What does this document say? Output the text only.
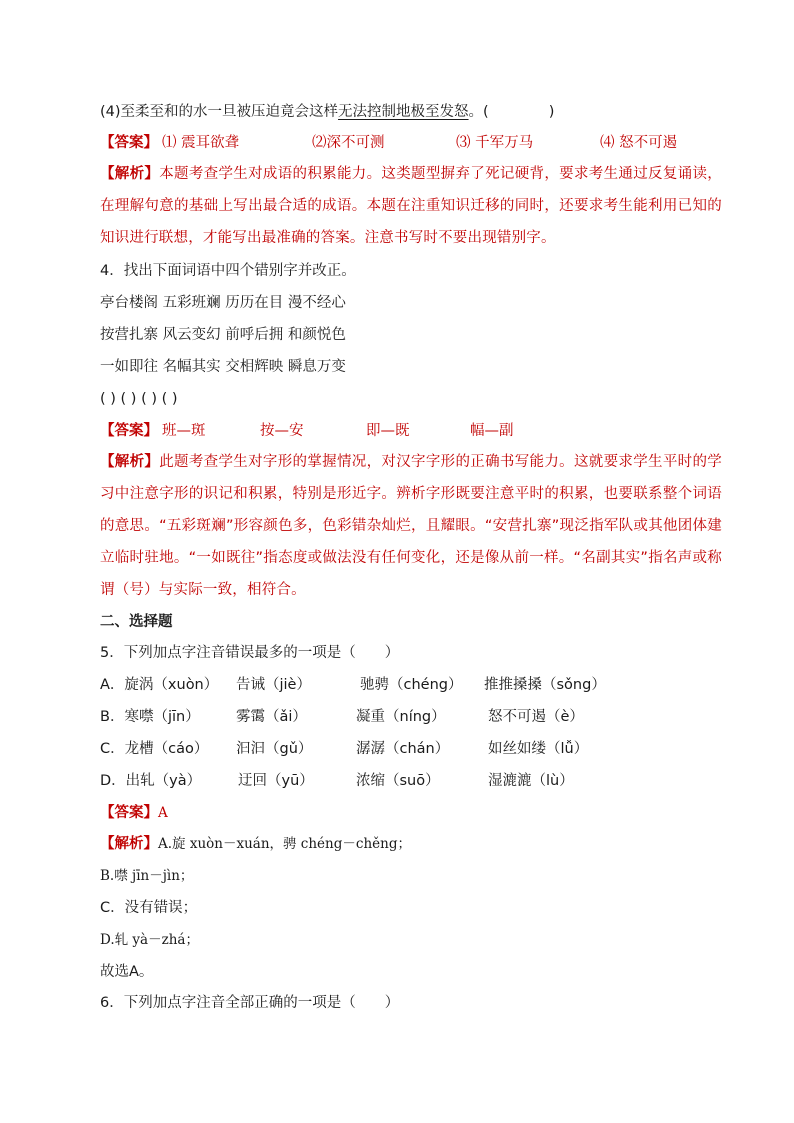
(4)至柔至和的水一旦被压迫竟会这样无法控制地极至发怒。(	)
【答案】 ⑴ 震耳欲聋	⑵深不可测	⑶ 千军万马	⑷ 怒不可遏
【解析】本题考查学生对成语的积累能力。这类题型摒弃了死记硬背，要求考生通过反复诵读，在理解句意的基础上写出最合适的成语。本题在注重知识迁移的同时，还要求考生能利用已知的知识进行联想，才能写出最准确的答案。注意书写时不要出现错别字。
4．找出下面词语中四个错别字并改正。
亭台楼阁 五彩班斓 历历在目 漫不经心
按营扎寨 风云变幻 前呼后拥 和颜悦色
一如即往 名幅其实 交相辉映 瞬息万变
( ) ( ) ( ) ( )
【答案】 班—斑	按—安	即—既	幅—副
【解析】此题考查学生对字形的掌握情况，对汉字字形的正确书写能力。这就要求学生平时的学习中注意字形的识记和积累，特别是形近字。辨析字形既要注意平时的积累，也要联系整个词语的意思。“五彩斑斓”形容颜色多，色彩错杂灿烂，且耀眼。“安营扎寨”现泛指军队或其他团体建立临时驻地。“一如既往”指态度或做法没有任何变化，还是像从前一样。“名副其实”指名声或称谓（号）与实际一致，相符合。
二、选择题
5．下列加点字注音错误最多的一项是（　　）
A．旋涡（xuòn） 告诫（jiè）	驰骋（chéng） 推推搡搡（sǒng）
B．寒噤（jīn）	雾霭（ǎi）	凝重（níng）	怒不可遏（è）
C．龙槽（cáo） 汩汩（gǔ）	潺潺（chán）	如丝如缕（lǚ）
D．出轧（yà）	迂回（yū）	浓缩（suō）	湿漉漉（lù）
【答案】A
【解析】A.旋 xuòn－xuán，骋 chéng－chěng；
B.噤 jīn－jìn；
C．没有错误；
D.轧 yà－zhá；
故选A。
6．下列加点字注音全部正确的一项是（　　）
